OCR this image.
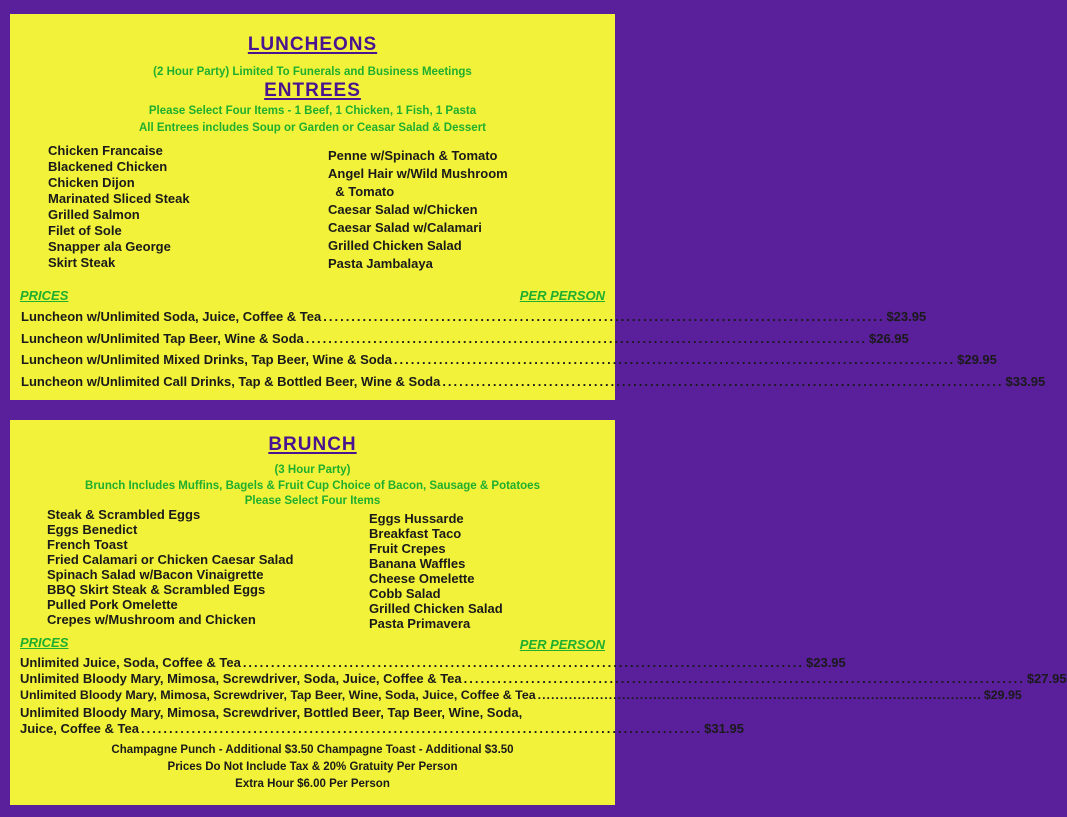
LUNCHEONS
(2 Hour Party) Limited To Funerals and Business Meetings
ENTREES
Please Select Four Items - 1 Beef, 1 Chicken, 1 Fish, 1 Pasta
All Entrees includes Soup or Garden or Ceasar Salad & Dessert
Chicken Francaise
Blackened Chicken
Chicken Dijon
Marinated Sliced Steak
Grilled Salmon
Filet of Sole
Snapper ala George
Skirt Steak
Penne w/Spinach & Tomato
Angel Hair w/Wild Mushroom
& Tomato
Caesar Salad w/Chicken
Caesar Salad w/Calamari
Grilled Chicken Salad
Pasta Jambalaya
PRICES	PER PERSON
Luncheon w/Unlimited Soda, Juice, Coffee & Tea .................................................................................................... $23.95
Luncheon w/Unlimited Tap Beer, Wine & Soda .................................................................................................... $26.95
Luncheon w/Unlimited Mixed Drinks, Tap Beer, Wine & Soda .................................................................................................... $29.95
Luncheon w/Unlimited Call Drinks, Tap & Bottled Beer, Wine & Soda .................................................................................................... $33.95
BRUNCH
(3 Hour Party)
Brunch Includes Muffins, Bagels & Fruit Cup Choice of Bacon, Sausage & Potatoes
Please Select Four Items
Steak & Scrambled Eggs
Eggs Benedict
French Toast
Fried Calamari or Chicken Caesar Salad
Spinach Salad w/Bacon Vinaigrette
BBQ Skirt Steak & Scrambled Eggs
Pulled Pork Omelette
Crepes w/Mushroom and Chicken
Eggs Hussarde
Breakfast Taco
Fruit Crepes
Banana Waffles
Cheese Omelette
Cobb Salad
Grilled Chicken Salad
Pasta Primavera
PRICES	PER PERSON
Unlimited Juice, Soda, Coffee & Tea .................................................................................................... $23.95
Unlimited Bloody Mary, Mimosa, Screwdriver, Soda, Juice, Coffee & Tea .................................................................................................... $27.95
Unlimited Bloody Mary, Mimosa, Screwdriver, Tap Beer, Wine, Soda, Juice, Coffee & Tea .................................................................................................... $29.95
Unlimited Bloody Mary, Mimosa, Screwdriver, Bottled Beer, Tap Beer, Wine, Soda,
Juice, Coffee & Tea .................................................................................................... $31.95
Champagne Punch - Additional $3.50 Champagne Toast - Additional $3.50
Prices Do Not Include Tax & 20% Gratuity Per Person
Extra Hour $6.00 Per Person
